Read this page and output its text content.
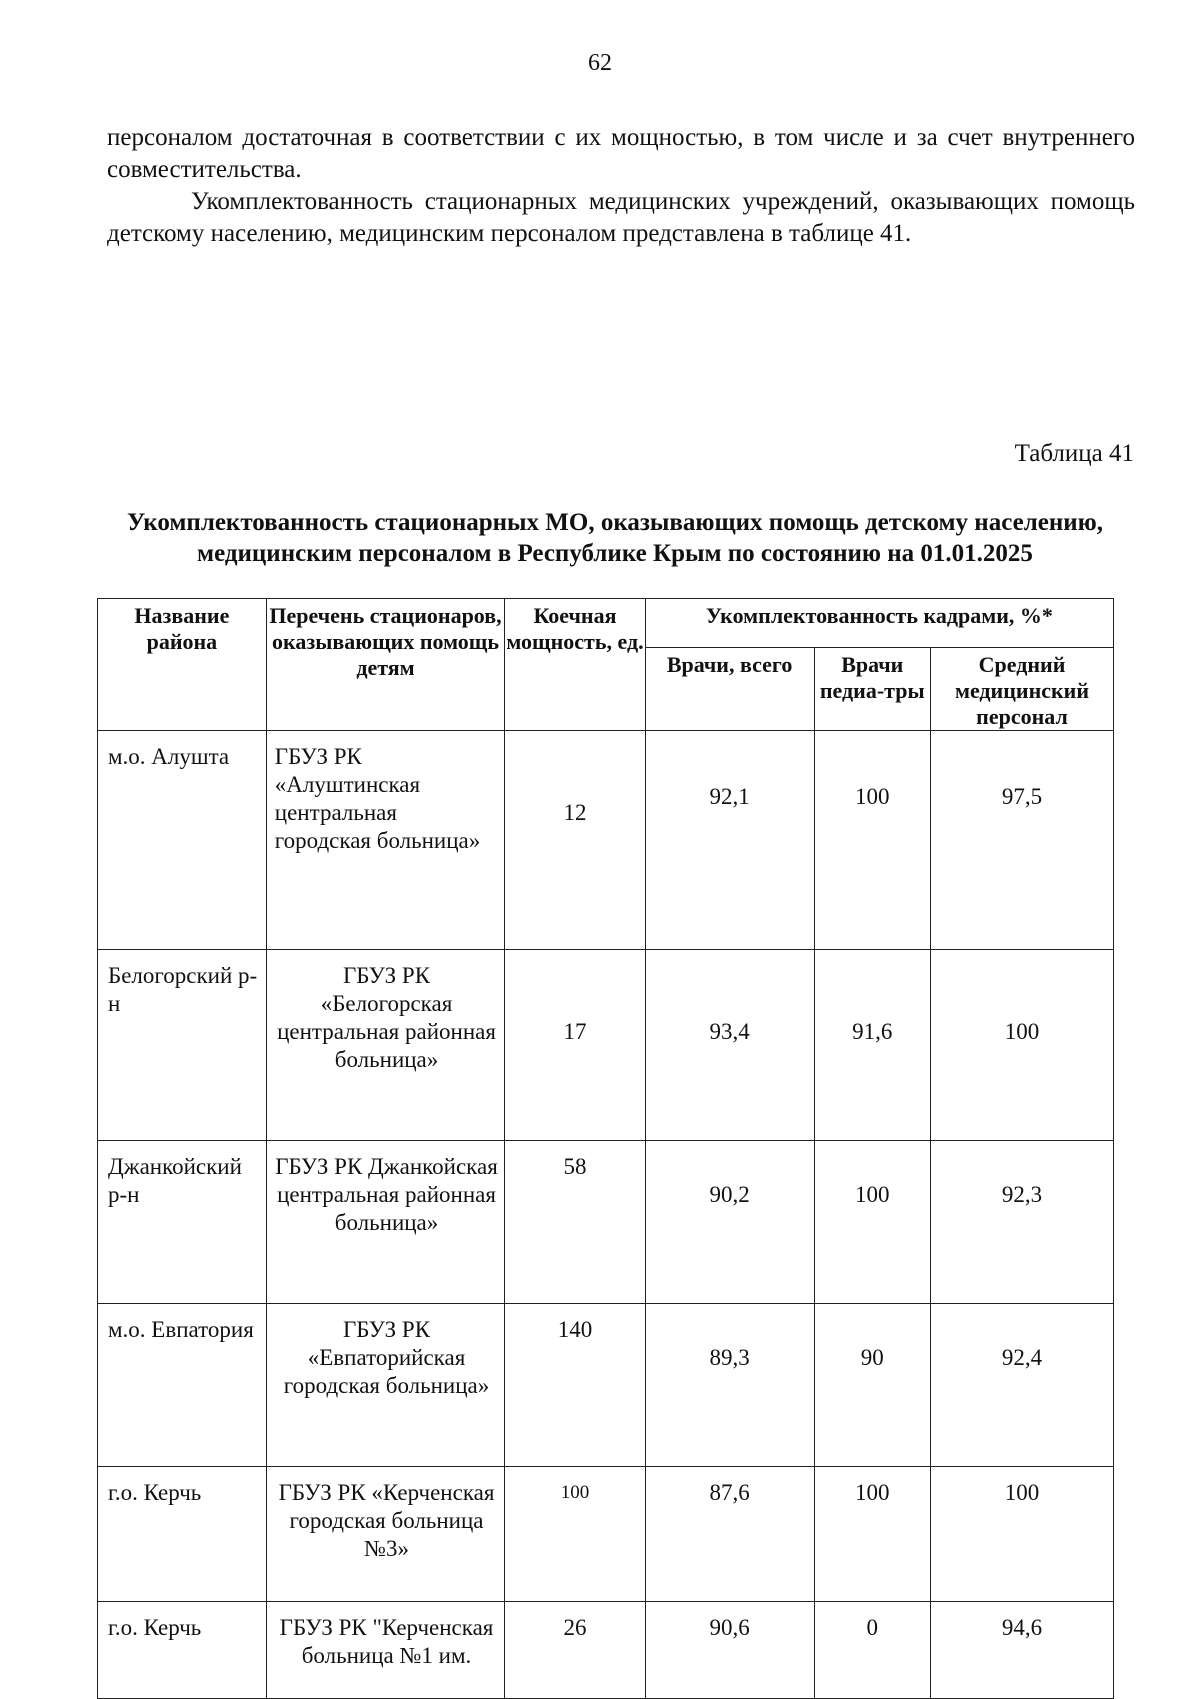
62

персоналом достаточная в соответствии с их мощностью, в том числе и за счет внутреннего совместительства.

Укомплектованность стационарных медицинских учреждений, оказывающих помощь детскому населению, медицинским персоналом представлена в таблице 41.

Таблица 41

Укомплектованность стационарных МО, оказывающих помощь детскому населению, медицинским персоналом в Республике Крым по состоянию на 01.01.2025

Название района	Перечень стационаров, оказывающих помощь детям	Коечная мощность, ед.	Укомплектованность кадрами, %*		
			Врачи, всего	Врачи педиа-тры	Средний медицинский персонал
м.о. Алушта	ГБУЗ РК «Алуштинская центральная городская больница»	12	92,1	100	97,5
Белогорский р-н	ГБУЗ РК «Белогорская центральная районная больница»	17	93,4	91,6	100
Джанкойский р-н	ГБУЗ РК Джанкойская центральная районная больница»	58	90,2	100	92,3
м.о. Евпатория	ГБУЗ РК «Евпаторийская городская больница»	140	89,3	90	92,4
г.о. Керчь	ГБУЗ РК «Керченская городская больница №3»	100	87,6	100	100
г.о. Керчь	ГБУЗ РК "Керченская больница №1 им.	26	90,6	0	94,6
